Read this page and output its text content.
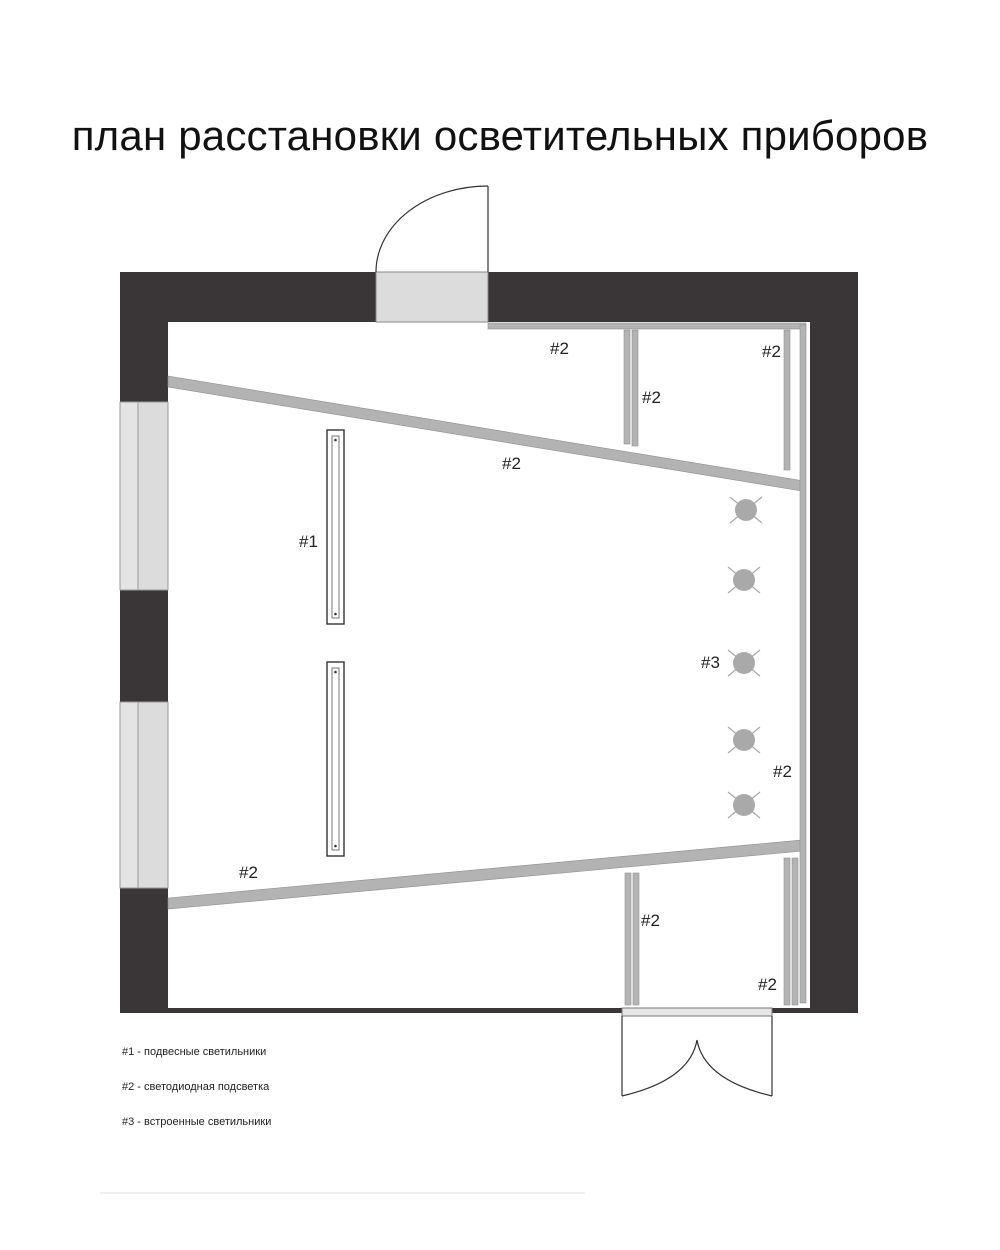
план расстановки осветительных приборов
#2	#2
#2
#2
#1
#3
#2
#2
#2
#2
#1 - подвесные светильники
#2 - светодиодная подсветка
#3 - встроенные светильники
